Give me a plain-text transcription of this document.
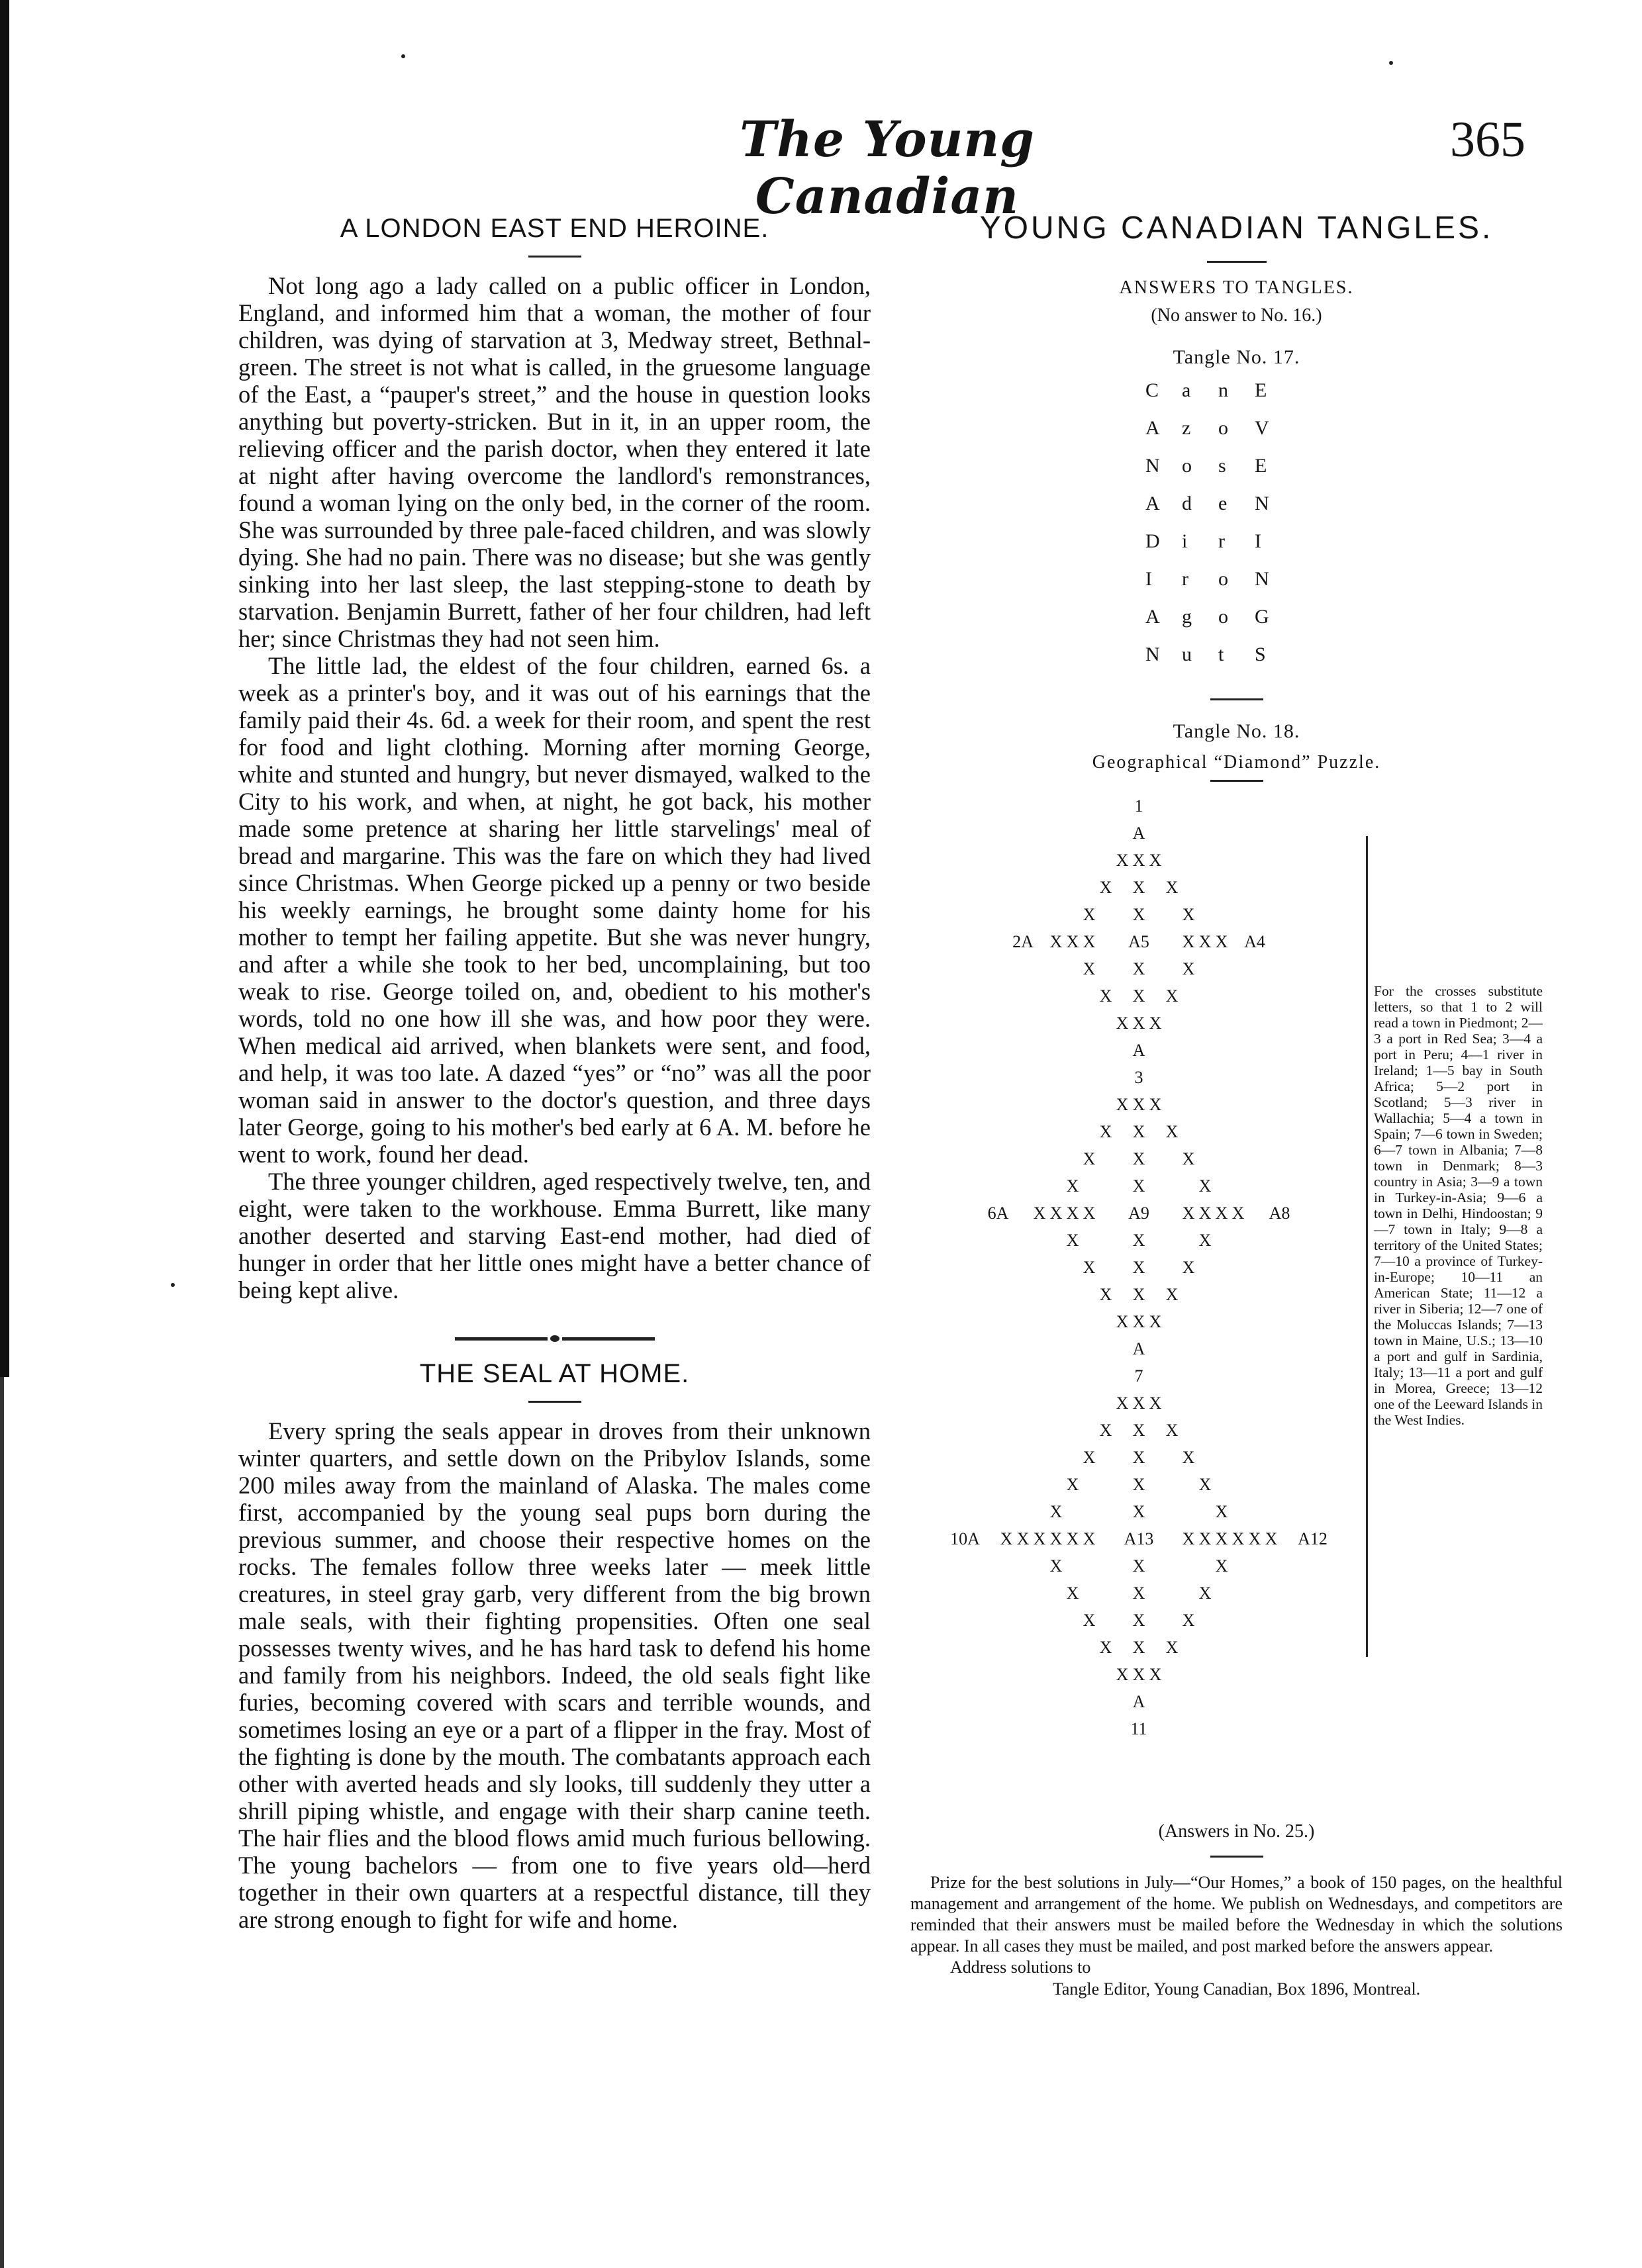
The Young Canadian
365
A LONDON EAST END HEROINE.

Not long ago a lady called on a public officer in London, England, and informed him that a woman, the mother of four children, was dying of starvation at 3, Medway street, Bethnal-green. The street is not what is called, in the gruesome language of the East, a “pauper's street,” and the house in question looks anything but poverty-stricken. But in it, in an upper room, the relieving officer and the parish doctor, when they entered it late at night after having overcome the landlord's remonstrances, found a woman lying on the only bed, in the corner of the room. She was surrounded by three pale-faced children, and was slowly dying. She had no pain. There was no disease; but she was gently sinking into her last sleep, the last stepping-stone to death by starvation. Benjamin Burrett, father of her four children, had left her; since Christmas they had not seen him.

The little lad, the eldest of the four children, earned 6s. a week as a printer's boy, and it was out of his earnings that the family paid their 4s. 6d. a week for their room, and spent the rest for food and light clothing. Morning after morning George, white and stunted and hungry, but never dismayed, walked to the City to his work, and when, at night, he got back, his mother made some pretence at sharing her little starvelings' meal of bread and margarine. This was the fare on which they had lived since Christmas. When George picked up a penny or two beside his weekly earnings, he brought some dainty home for his mother to tempt her failing appetite. But she was never hungry, and after a while she took to her bed, uncomplaining, but too weak to rise. George toiled on, and, obedient to his mother's words, told no one how ill she was, and how poor they were. When medical aid arrived, when blankets were sent, and food, and help, it was too late. A dazed “yes” or “no” was all the poor woman said in answer to the doctor's question, and three days later George, going to his mother's bed early at 6 A. M. before he went to work, found her dead.

The three younger children, aged respectively twelve, ten, and eight, were taken to the workhouse. Emma Burrett, like many another deserted and starving East-end mother, had died of hunger in order that her little ones might have a better chance of being kept alive.

THE SEAL AT HOME.

Every spring the seals appear in droves from their unknown winter quarters, and settle down on the Pribylov Islands, some 200 miles away from the mainland of Alaska. The males come first, accompanied by the young seal pups born during the previous summer, and choose their respective homes on the rocks. The females follow three weeks later — meek little creatures, in steel gray garb, very different from the big brown male seals, with their fighting propensities. Often one seal possesses twenty wives, and he has hard task to defend his home and family from his neighbors. Indeed, the old seals fight like furies, becoming covered with scars and terrible wounds, and sometimes losing an eye or a part of a flipper in the fray. Most of the fighting is done by the mouth. The combatants approach each other with averted heads and sly looks, till suddenly they utter a shrill piping whistle, and engage with their sharp canine teeth. The hair flies and the blood flows amid much furious bellowing. The young bachelors — from one to five years old—herd together in their own quarters at a respectful distance, till they are strong enough to fight for wife and home.

YOUNG CANADIAN TANGLES.
ANSWERS TO TANGLES.
(No answer to No. 16.)
Tangle No. 17.
C	a	n	E
A	z	o	V
N	o	s	E
A	d	e	N
D	i	r	I
I	r	o	N
A	g	o	G
N	u	t	S
Tangle No. 18.
Geographical “Diamond” Puzzle.
1
A
X X X
X X X
X X X
2A X X X A5 X X X A4
X X X
X X X
X X X
A
3
X X X
X X X
X X X
X	X	X
6A X X X X A9 X X X X A8
X	X	X
X X X
X X X
X X X
A
7
X X X
X X X
X X X
X	X	X
X	X	X
10A X X X X X X A13 X X X X X X A12
X	X	X
X	X	X
X X X
X X X
X X X
A
11

For the crosses substitute letters, so that 1 to 2 will read a town in Piedmont; 2—3 a port in Red Sea; 3—4 a port in Peru; 4—1 river in Ireland; 1—5 bay in South Africa; 5—2 port in Scotland; 5—3 river in Wallachia; 5—4 a town in Spain; 7—6 town in Sweden; 6—7 town in Albania; 7—8 town in Denmark; 8—3 country in Asia; 3—9 a town in Turkey-in-Asia; 9—6 a town in Delhi, Hindoostan; 9—7 town in Italy; 9—8 a territory of the United States; 7—10 a province of Turkey-in-Europe; 10—11 an American State; 11—12 a river in Siberia; 12—7 one of the Moluccas Islands; 7—13 town in Maine, U.S.; 13—10 a port and gulf in Sardinia, Italy; 13—11 a port and gulf in Morea, Greece; 13—12 one of the Leeward Islands in the West Indies.

(Answers in No. 25.)

Prize for the best solutions in July—“Our Homes,” a book of 150 pages, on the healthful management and arrangement of the home. We publish on Wednesdays, and competitors are reminded that their answers must be mailed before the Wednesday in which the solutions appear. In all cases they must be mailed, and post marked before the answers appear.

Address solutions to

Tangle Editor, Young Canadian, Box 1896, Montreal.
